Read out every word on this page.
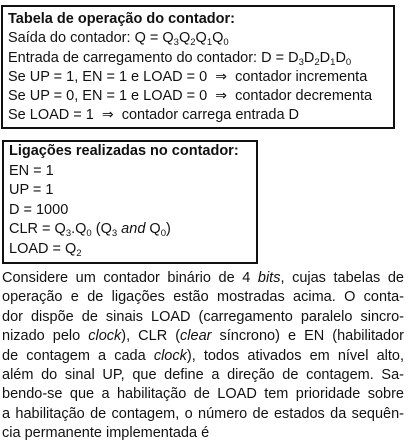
Tabela de operação do contador:
Saída do contador: $Q = Q_3Q_2Q_1Q_0$
Entrada de carregamento do contador: $D = D_3D_2D_1D_0$
Se UP = 1, EN = 1 e LOAD = 0 ⇒ contador incrementa
Se UP = 0, EN = 1 e LOAD = 0 ⇒ contador decrementa
Se LOAD = 1 ⇒ contador carrega entrada D
Ligações realizadas no contador:
EN = 1
UP = 1
D = 1000
CLR = $Q_3.Q_0$ ($Q_3$ and $Q_0$)
LOAD = $Q_2$
Considere um contador binário de 4 bits, cujas tabelas de
operação e de ligações estão mostradas acima. O conta-
dor dispõe de sinais LOAD (carregamento paralelo sincro-
nizado pelo clock), CLR (clear síncrono) e EN (habilitador
de contagem a cada clock), todos ativados em nível alto,
além do sinal UP, que define a direção de contagem. Sa-
bendo-se que a habilitação de LOAD tem prioridade sobre
a habilitação de contagem, o número de estados da sequên-
cia permanente implementada é
